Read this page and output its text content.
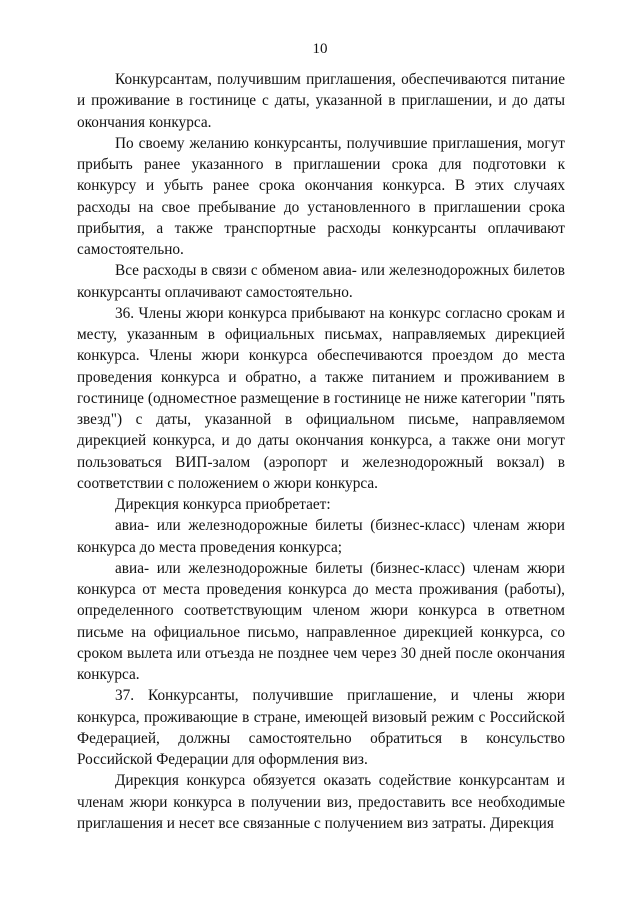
10

Конкурсантам, получившим приглашения, обеспечиваются питание и проживание в гостинице с даты, указанной в приглашении, и до даты окончания конкурса.

По своему желанию конкурсанты, получившие приглашения, могут прибыть ранее указанного в приглашении срока для подготовки к конкурсу и убыть ранее срока окончания конкурса. В этих случаях расходы на свое пребывание до установленного в приглашении срока прибытия, а также транспортные расходы конкурсанты оплачивают самостоятельно.

Все расходы в связи с обменом авиа- или железнодорожных билетов конкурсанты оплачивают самостоятельно.

36. Члены жюри конкурса прибывают на конкурс согласно срокам и месту, указанным в официальных письмах, направляемых дирекцией конкурса. Члены жюри конкурса обеспечиваются проездом до места проведения конкурса и обратно, а также питанием и проживанием в гостинице (одноместное размещение в гостинице не ниже категории "пять звезд") с даты, указанной в официальном письме, направляемом дирекцией конкурса, и до даты окончания конкурса, а также они могут пользоваться ВИП-залом (аэропорт и железнодорожный вокзал) в соответствии с положением о жюри конкурса.

Дирекция конкурса приобретает:

авиа- или железнодорожные билеты (бизнес-класс) членам жюри конкурса до места проведения конкурса;

авиа- или железнодорожные билеты (бизнес-класс) членам жюри конкурса от места проведения конкурса до места проживания (работы), определенного соответствующим членом жюри конкурса в ответном письме на официальное письмо, направленное дирекцией конкурса, со сроком вылета или отъезда не позднее чем через 30 дней после окончания конкурса.

37. Конкурсанты, получившие приглашение, и члены жюри конкурса, проживающие в стране, имеющей визовый режим с Российской Федерацией, должны самостоятельно обратиться в консульство Российской Федерации для оформления виз.

Дирекция конкурса обязуется оказать содействие конкурсантам и членам жюри конкурса в получении виз, предоставить все необходимые приглашения и несет все связанные с получением виз затраты. Дирекция
